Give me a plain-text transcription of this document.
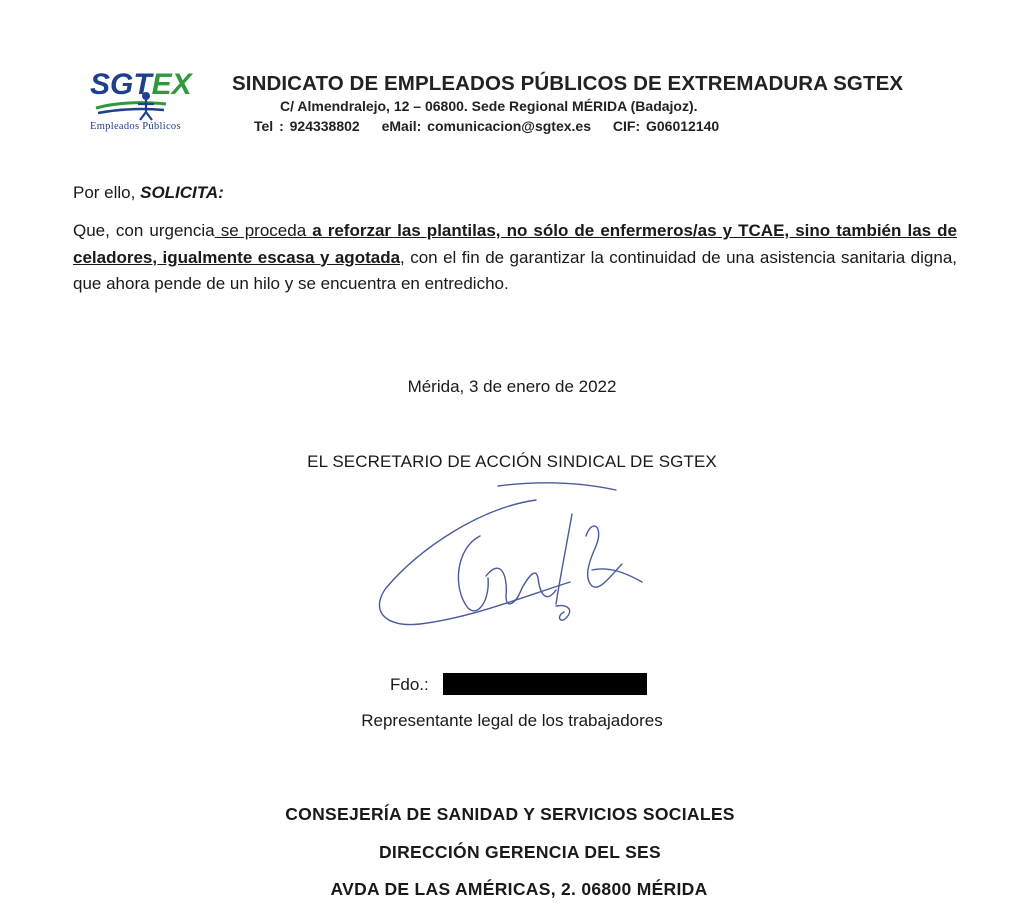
SGTEX
Empleados Públicos
SINDICATO DE EMPLEADOS PÚBLICOS DE EXTREMADURA SGTEX
C/ Almendralejo, 12 – 06800. Sede Regional MÉRIDA (Badajoz).
Tel : 924338802 eMail: comunicacion@sgtex.es CIF: G06012140
Por ello, SOLICITA:
Que, con urgencia se proceda a reforzar las plantilas, no sólo de enfermeros/as y TCAE, sino también las de celadores, igualmente escasa y agotada, con el fin de garantizar la continuidad de una asistencia sanitaria digna, que ahora pende de un hilo y se encuentra en entredicho.
Mérida, 3 de enero de 2022
EL SECRETARIO DE ACCIÓN SINDICAL DE SGTEX
Fdo.:
Representante legal de los trabajadores
CONSEJERÍA DE SANIDAD Y SERVICIOS SOCIALES
DIRECCIÓN GERENCIA DEL SES
AVDA DE LAS AMÉRICAS, 2. 06800 MÉRIDA
